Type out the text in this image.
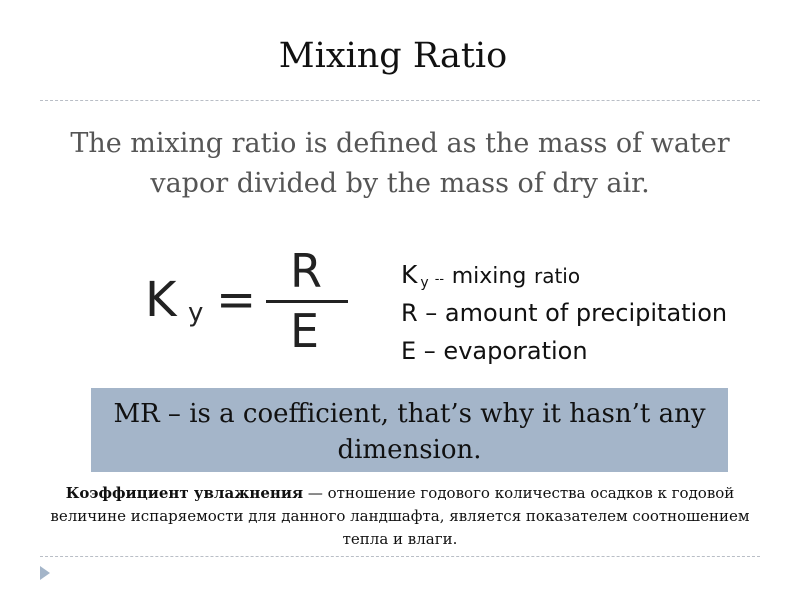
Mixing Ratio
The mixing ratio is defined as the mass of water vapor divided by the mass of dry air.
K y =
R
E
Ky -- mixing ratio
R – amount of precipitation
E – evaporation
MR – is a coefficient, that’s why it hasn’t any dimension.
Коэффициент увлажнения — отношение годового количества осадков к годовой величине испаряемости для данного ландшафта, является показателем соотношением тепла и влаги.
